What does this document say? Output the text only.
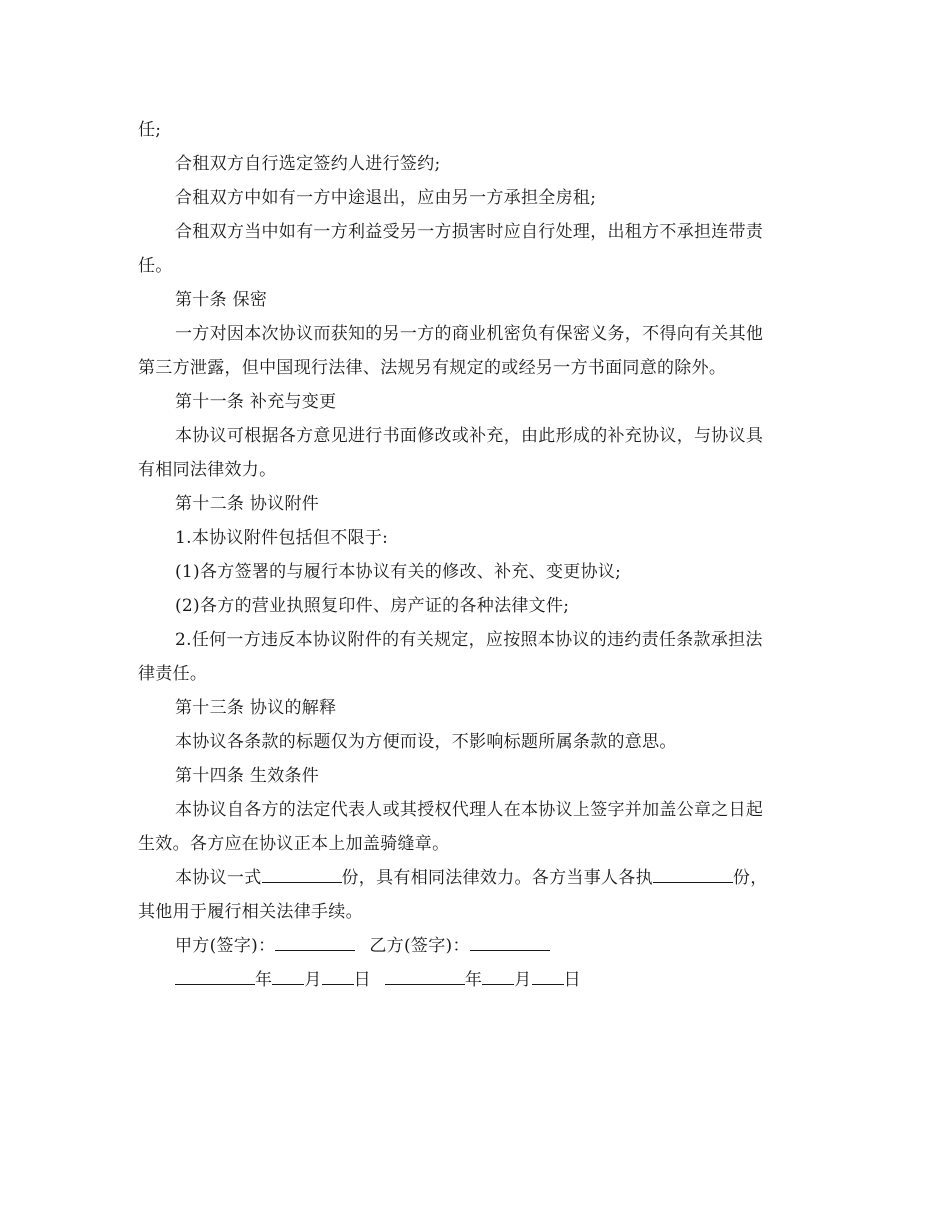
任;
合租双方自行选定签约人进行签约;
合租双方中如有一方中途退出，应由另一方承担全房租;
合租双方当中如有一方利益受另一方损害时应自行处理，出租方不承担连带责
任。
第十条 保密
一方对因本次协议而获知的另一方的商业机密负有保密义务，不得向有关其他
第三方泄露，但中国现行法律、法规另有规定的或经另一方书面同意的除外。
第十一条 补充与变更
本协议可根据各方意见进行书面修改或补充，由此形成的补充协议，与协议具
有相同法律效力。
第十二条 协议附件
1.本协议附件包括但不限于:
(1)各方签署的与履行本协议有关的修改、补充、变更协议;
(2)各方的营业执照复印件、房产证的各种法律文件;
2.任何一方违反本协议附件的有关规定，应按照本协议的违约责任条款承担法
律责任。
第十三条 协议的解释
本协议各条款的标题仅为方便而设，不影响标题所属条款的意思。
第十四条 生效条件
本协议自各方的法定代表人或其授权代理人在本协议上签字并加盖公章之日起
生效。各方应在协议正本上加盖骑缝章。
本协议一式	份，具有相同法律效力。各方当事人各执	份，
其他用于履行相关法律手续。
甲方(签字)：	乙方(签字)：
年 月 日	年 月 日
